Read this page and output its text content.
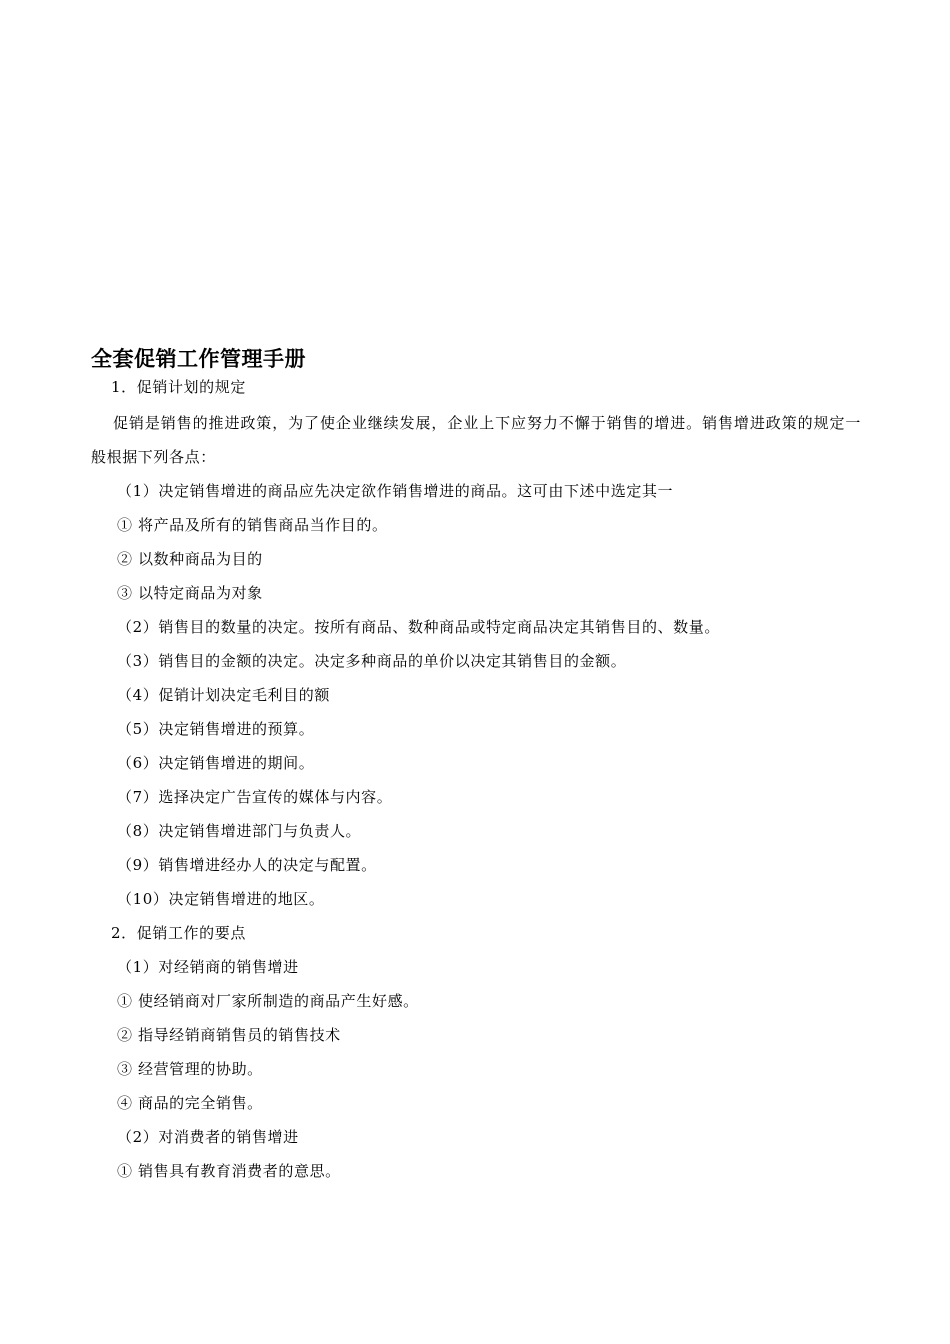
全套促销工作管理手册

1．促销计划的规定

促销是销售的推进政策，为了使企业继续发展，企业上下应努力不懈于销售的增进。销售增进政策的规定一般根据下列各点：

（1）决定销售增进的商品应先决定欲作销售增进的商品。这可由下述中选定其一

① 将产品及所有的销售商品当作目的。

② 以数种商品为目的

③ 以特定商品为对象

（2）销售目的数量的决定。按所有商品、数种商品或特定商品决定其销售目的、数量。

（3）销售目的金额的决定。决定多种商品的单价以决定其销售目的金额。

（4）促销计划决定毛利目的额

（5）决定销售增进的预算。

（6）决定销售增进的期间。

（7）选择决定广告宣传的媒体与内容。

（8）决定销售增进部门与负责人。

（9）销售增进经办人的决定与配置。

（10）决定销售增进的地区。

2．促销工作的要点

（1）对经销商的销售增进

① 使经销商对厂家所制造的商品产生好感。

② 指导经销商销售员的销售技术

③ 经营管理的协助。

④ 商品的完全销售。

（2）对消费者的销售增进

① 销售具有教育消费者的意思。
